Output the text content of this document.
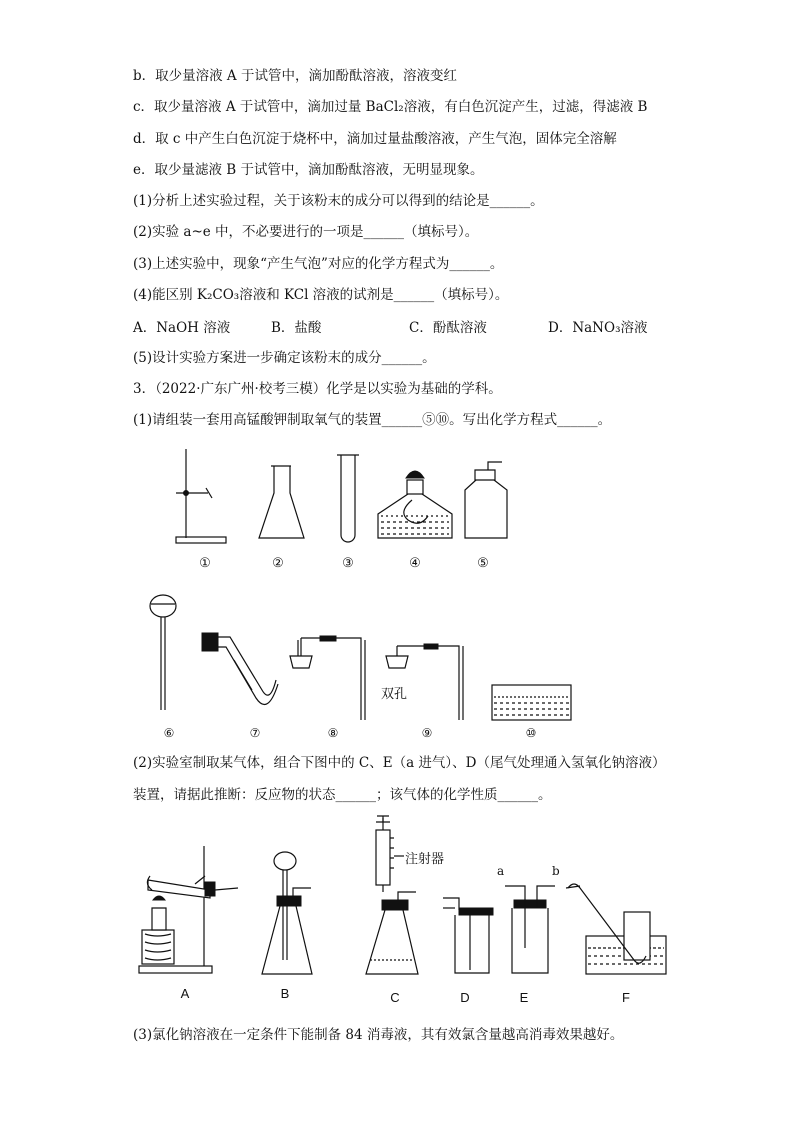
b．取少量溶液 A 于试管中，滴加酚酞溶液，溶液变红
c．取少量溶液 A 于试管中，滴加过量 BaCl₂溶液，有白色沉淀产生，过滤，得滤液 B
d．取 c 中产生白色沉淀于烧杯中，滴加过量盐酸溶液，产生气泡，固体完全溶解
e．取少量滤液 B 于试管中，滴加酚酞溶液，无明显现象。
(1)分析上述实验过程，关于该粉末的成分可以得到的结论是______。
(2)实验 a~e 中，不必要进行的一项是______（填标号）。
(3)上述实验中，现象“产生气泡”对应的化学方程式为______。
(4)能区别 K₂CO₃溶液和 KCl 溶液的试剂是______（填标号）。
A．NaOH 溶液	B．盐酸	C．酚酞溶液	D．NaNO₃溶液
(5)设计实验方案进一步确定该粉末的成分______。
3．（2022·广东广州·校考三模）化学是以实验为基础的学科。
(1)请组装一套用高锰酸钾制取氧气的装置______⑤⑩。写出化学方程式______。
①	②	③	④	⑤
⑥	⑦	⑧	⑨	⑩
双孔
(2)实验室制取某气体，组合下图中的 C、E（a 进气）、D（尾气处理通入氢氧化钠溶液）
装置，请据此推断：反应物的状态______；该气体的化学性质______。
注射器
a	b
A	B	C	D	E	F
(3)氯化钠溶液在一定条件下能制备 84 消毒液，其有效氯含量越高消毒效果越好。
